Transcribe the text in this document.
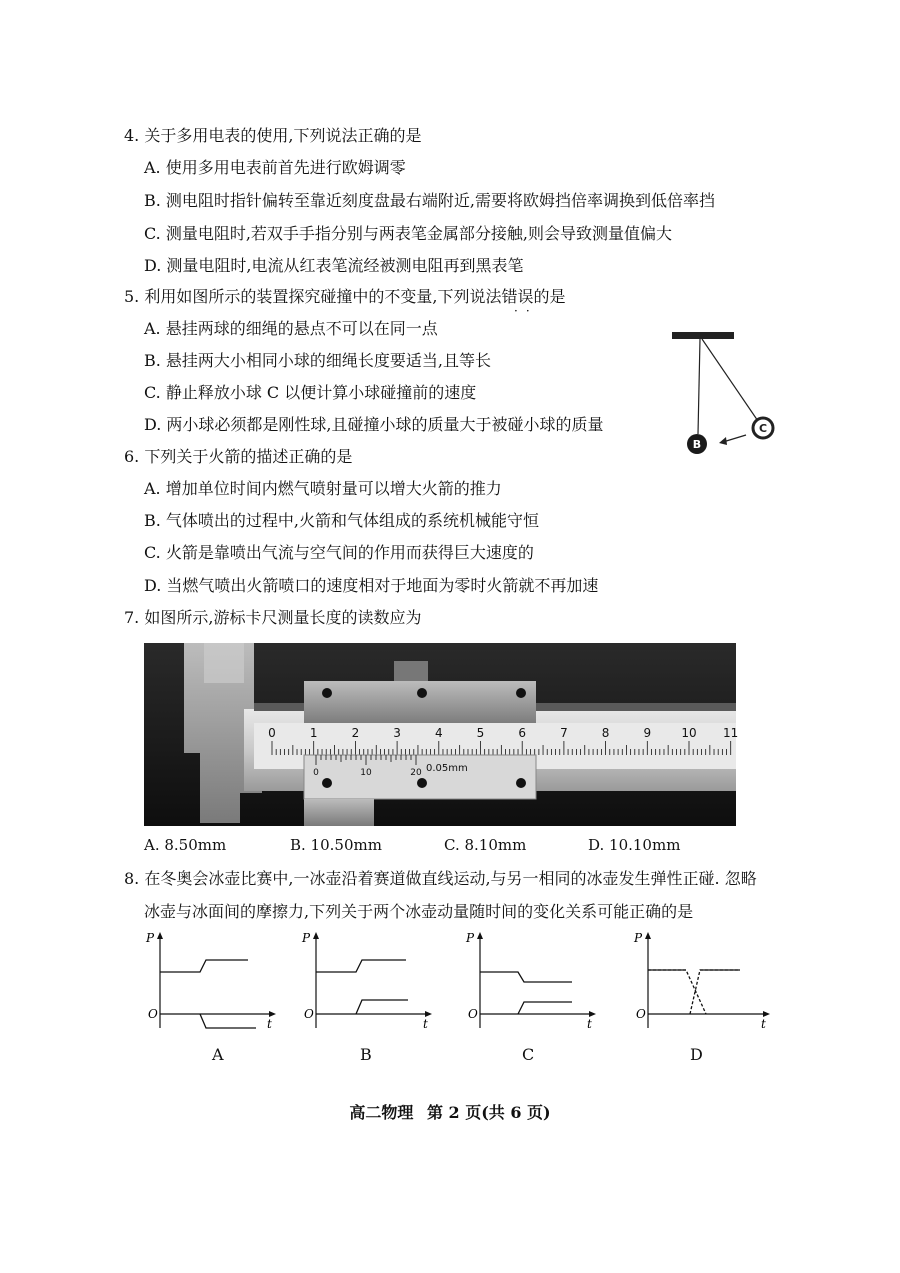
4. 关于多用电表的使用,下列说法正确的是
A. 使用多用电表前首先进行欧姆调零
B. 测电阻时指针偏转至靠近刻度盘最右端附近,需要将欧姆挡倍率调换到低倍率挡
C. 测量电阻时,若双手手指分别与两表笔金属部分接触,则会导致测量值偏大
D. 测量电阻时,电流从红表笔流经被测电阻再到黑表笔
5. 利用如图所示的装置探究碰撞中的不变量,下列说法错误的是
··
A. 悬挂两球的细绳的悬点不可以在同一点
B. 悬挂两大小相同小球的细绳长度要适当,且等长
C. 静止释放小球 C 以便计算小球碰撞前的速度
D. 两小球必须都是刚性球,且碰撞小球的质量大于被碰小球的质量
B
C
6. 下列关于火箭的描述正确的是
A. 增加单位时间内燃气喷射量可以增大火箭的推力
B. 气体喷出的过程中,火箭和气体组成的系统机械能守恒
C. 火箭是靠喷出气流与空气间的作用而获得巨大速度的
D. 当燃气喷出火箭喷口的速度相对于地面为零时火箭就不再加速
7. 如图所示,游标卡尺测量长度的读数应为
0	1	2	3	4	5	6	7	8	9	10 11
0	10	20 0.05mm
A. 8.50mm	B. 10.50mm	C. 8.10mm	D. 10.10mm
8. 在冬奥会冰壶比赛中,一冰壶沿着赛道做直线运动,与另一相同的冰壶发生弹性正碰. 忽略
冰壶与冰面间的摩擦力,下列关于两个冰壶动量随时间的变化关系可能正确的是
P
t
O
A
P
t
O
B
P
t
O
C
P
t
O
D
高二物理 第 2 页(共 6 页)
